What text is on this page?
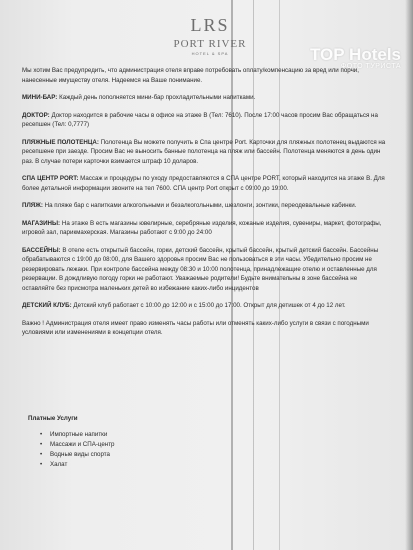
LRS
PORT RIVER
HOTEL & SPA	TOP Hotels
ФОТО ТУРИСТА

Мы хотим Вас предупредить, что администрация отеля вправе потребовать оплату/компенсацию за вред или порчи, нанесенные имуществу отеля. Надеемся на Ваше понимание.

МИНИ-БАР: Каждый день пополняется мини-бар прохладительными напитками.

ДОКТОР: Доктор находится в рабочие часы в офисе на этаже B (Тел: 7610). После 17:00 часов просим Вас обращаться на ресепшен (Тел: 0,7777)

ПЛЯЖНЫЕ ПОЛОТЕНЦА: Полотенца Вы можете получить в Спа центре Port. Карточки для пляжных полотенец выдаются на ресепшене при заезде. Просим Вас не выносить банные полотенца на пляж или бассейн. Полотенца меняются в день один раз. В случае потери карточки взимается штраф 10 доларов.

СПА ЦЕНТР PORT: Массаж и процедуры по уходу предоставляются в СПА центре PORT, который находится на этаже B. Для более детальной информации звоните на тел 7600. СПА центр Port открыт с 09:00 до 19:00.

ПЛЯЖ: На пляже бар с напитками алкогольными и безалкогольными, шезлонги, зонтики, переодевальные кабинки.

МАГАЗИНЫ: На этаже В есть магазины ювелирные, серебряные изделия, кожаные изделия, сувениры, маркет, фотографы, игровой зал, парикмахерская. Магазины работают с 9:00 до 24:00

БАССЕЙНЫ: В отеле есть открытый бассейн, горки, детский бассейн, крытый бассейн, крытый детский бассейн. Бассейны обрабатываются с 19:00 до 08:00, для Вашего здоровья просим Вас не пользоваться в эти часы. Убедительно просим не резервировать лежаки. При контроле бассейна между 08:30 и 10:00 полотенца, принадлежащие отелю и оставленные для резервации. В дождливую погоду горки не работают. Уважаемые родители! Будьте внимательны в зоне бассейна не оставляйте без присмотра маленьких детей во избежание каких-либо инцидентов

ДЕТСКИЙ КЛУБ: Детский клуб работает с 10:00 до 12:00 и с 15:00 до 17:00. Открыт для детишек от 4 до 12 лет.

Важно ! Администрация отеля имеет право изменять часы работы или отменять каких-либо услуги в связи с погодными условиями или изменениями в концепции отеля.

Платные Услуги
• Импортные напитки
• Массажи и СПА-центр
• Водные виды спорта
• Халат
